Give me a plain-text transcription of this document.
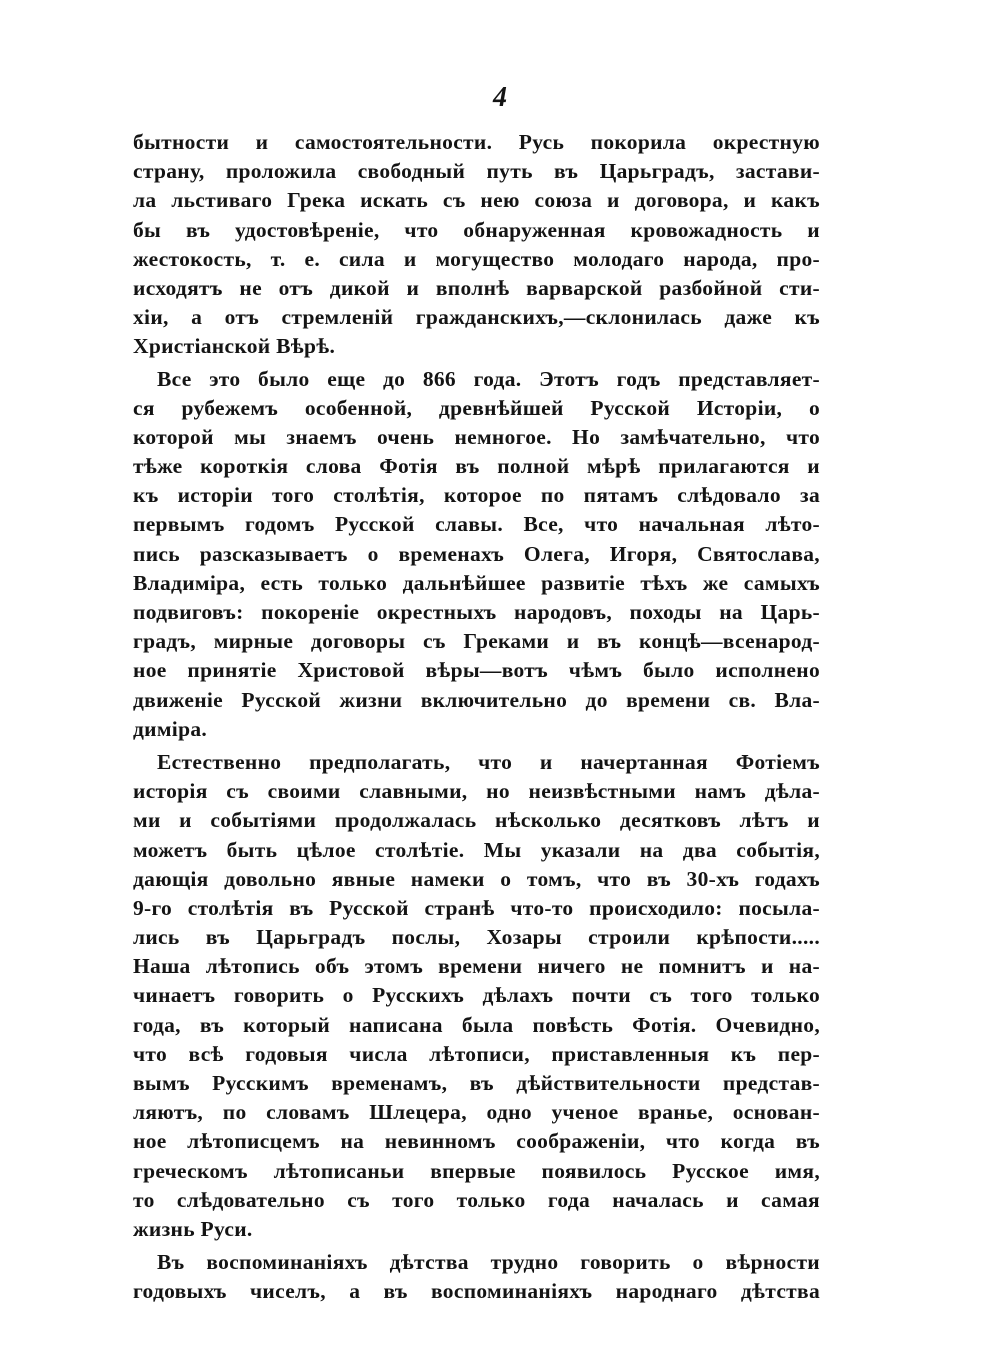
4
бытности и самостоятельности. Русь покорила окрестную
страну, проложила свободный путь въ Царьградъ, застави-
ла льстиваго Грека искать съ нею союза и договора, и какъ
бы въ удостовѣреніе, что обнаруженная кровожадность и
жестокость, т. е. сила и могущество молодаго народа, про-
исходятъ не отъ дикой и вполнѣ варварской разбойной сти-
хіи, а отъ стремленій гражданскихъ,—склонилась даже къ
Христіанской Вѣрѣ.
Все это было еще до 866 года. Этотъ годъ представляет-
ся рубежемъ особенной, древнѣйшей Русской Исторіи, о
которой мы знаемъ очень немногое. Но замѣчательно, что
тѣже короткія слова Фотія въ полной мѣрѣ прилагаются и
къ исторіи того столѣтія, которое по пятамъ слѣдовало за
первымъ годомъ Русской славы. Все, что начальная лѣто-
пись разсказываетъ о временахъ Олега, Игоря, Святослава,
Владиміра, есть только дальнѣйшее развитіе тѣхъ же самыхъ
подвиговъ: покореніе окрестныхъ народовъ, походы на Царь-
градъ, мирные договоры съ Греками и въ концѣ—всенарод-
ное принятіе Христовой вѣры—вотъ чѣмъ было исполнено
движеніе Русской жизни включительно до времени св. Вла-
диміра.
Естественно предполагать, что и начертанная Фотіемъ
исторія съ своими славными, но неизвѣстными намъ дѣла-
ми и событіями продолжалась нѣсколько десятковъ лѣтъ и
можетъ быть цѣлое столѣтіе. Мы указали на два событія,
дающія довольно явные намеки о томъ, что въ 30-хъ годахъ
9-го столѣтія въ Русской странѣ что-то происходило: посыла-
лись въ Царьградъ послы, Хозары строили крѣпости.....
Наша лѣтопись объ этомъ времени ничего не помнитъ и на-
чинаетъ говорить о Русскихъ дѣлахъ почти съ того только
года, въ который написана была повѣсть Фотія. Очевидно,
что всѣ годовыя числа лѣтописи, приставленныя къ пер-
вымъ Русскимъ временамъ, въ дѣйствительности представ-
ляютъ, по словамъ Шлецера, одно ученое вранье, основан-
ное лѣтописцемъ на невинномъ соображеніи, что когда въ
греческомъ лѣтописаньи впервые появилось Русское имя,
то слѣдовательно съ того только года началась и самая
жизнь Руси.
Въ воспоминаніяхъ дѣтства трудно говорить о вѣрности
годовыхъ чиселъ, а въ воспоминаніяхъ народнаго дѣтства
